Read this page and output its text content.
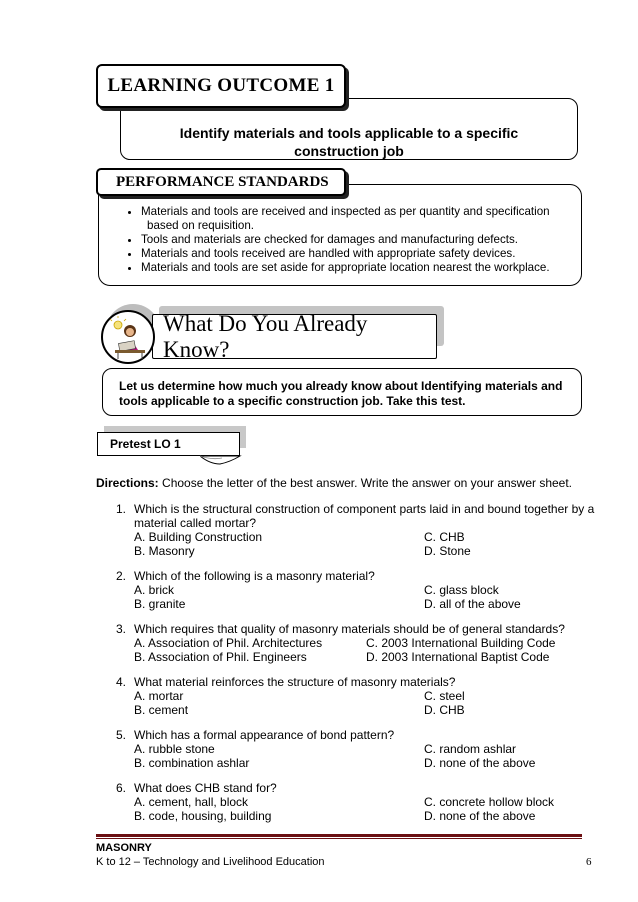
LEARNING OUTCOME 1
Identify materials and tools applicable to a specific construction job
PERFORMANCE STANDARDS
• Materials and tools are received and inspected as per quantity and specification
based on requisition.
• Tools and materials are checked for damages and manufacturing defects.
• Materials and tools received are handled with appropriate safety devices.
• Materials and tools are set aside for appropriate location nearest the workplace.
What Do You Already Know?
Let us determine how much you already know about Identifying materials and tools applicable to a specific construction job. Take this test.
Pretest LO 1
Directions: Choose the letter of the best answer. Write the answer on your answer sheet.
1. Which is the structural construction of component parts laid in and bound together by a material called mortar?
A. Building Construction	C. CHB
B. Masonry	D. Stone
2. Which of the following is a masonry material?
A. brick	C. glass block
B. granite	D. all of the above
3. Which requires that quality of masonry materials should be of general standards?
A. Association of Phil. Architectures	C. 2003 International Building Code
B. Association of Phil. Engineers	D. 2003 International Baptist Code
4. What material reinforces the structure of masonry materials?
A. mortar	C. steel
B. cement	D. CHB
5. Which has a formal appearance of bond pattern?
A. rubble stone	C. random ashlar
B. combination ashlar	D. none of the above
6. What does CHB stand for?
A. cement, hall, block	C. concrete hollow block
B. code, housing, building	D. none of the above
MASONRY
K to 12 – Technology and Livelihood Education	6
